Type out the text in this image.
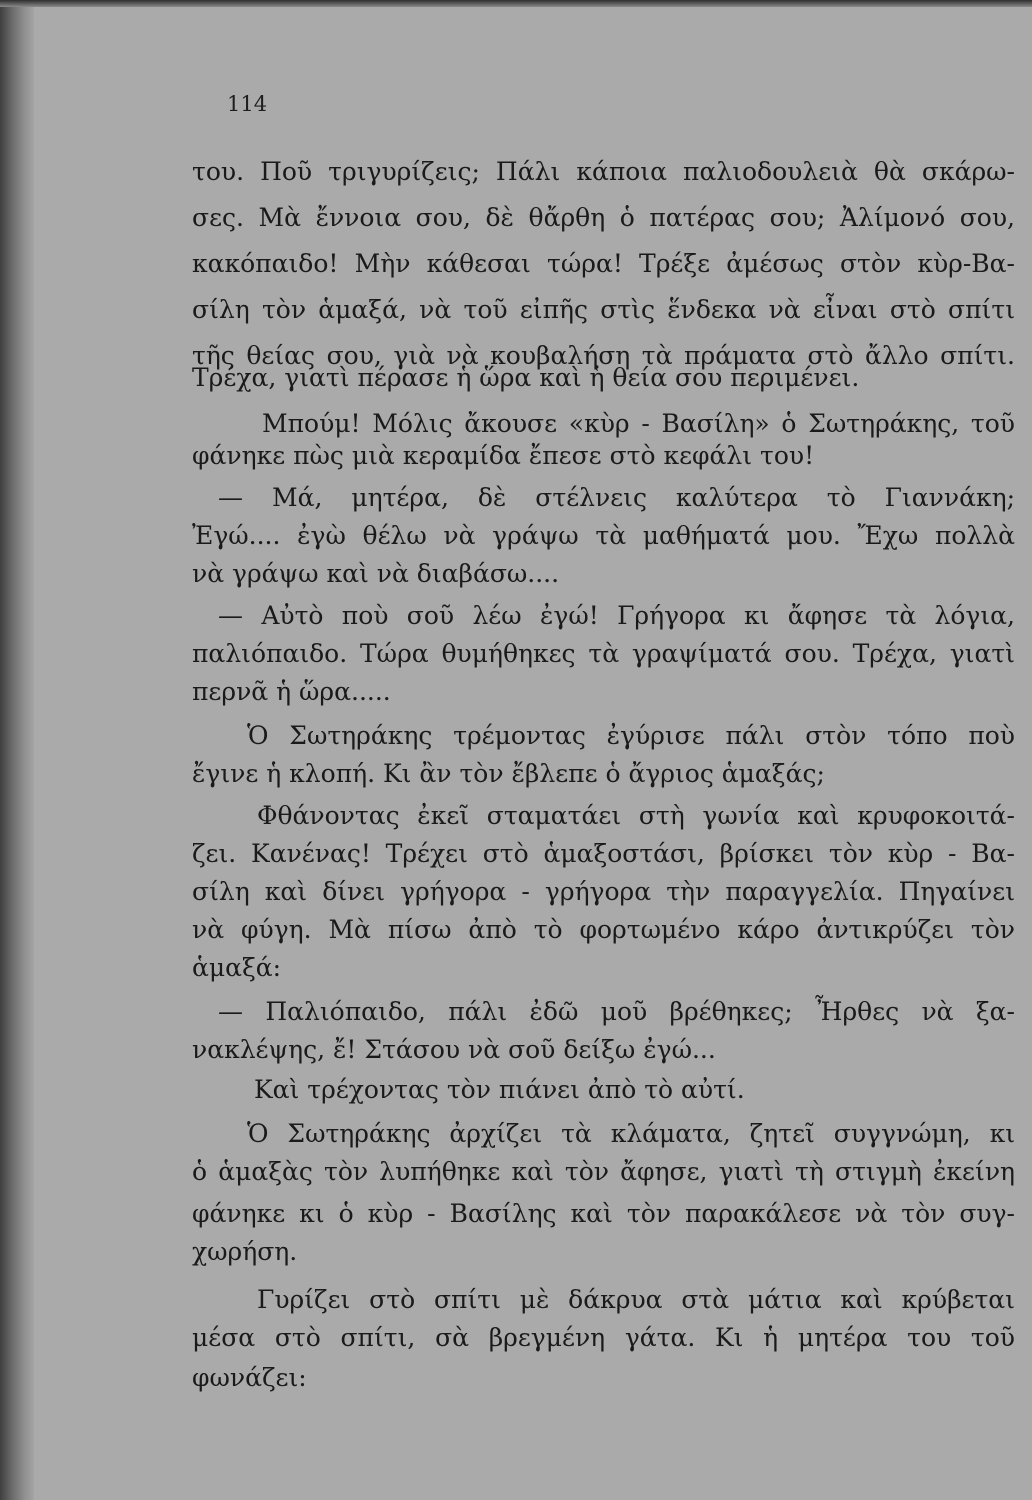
114
του. Ποῦ τριγυρίζεις; Πάλι κάποια παλιοδουλειὰ θὰ σκάρω-
σες. Μὰ ἔννοια σου, δὲ θἄρθη ὁ πατέρας σου; Ἀλίμονό σου,
κακόπαιδο! Μὴν κάθεσαι τώρα! Τρέξε ἀμέσως στὸν κὺρ-Βα-
σίλη τὸν ἁμαξά, νὰ τοῦ εἰπῆς στὶς ἕνδεκα νὰ εἶναι στὸ σπίτι
τῆς θείας σου, γιὰ νὰ κουβαλήση τὰ πράματα στὸ ἄλλο σπίτι.
Τρέχα, γιατὶ πέρασε ἡ ὥρα καὶ ἡ θεία σου περιμένει.
Μπούμ! Μόλις ἄκουσε «κὺρ - Βασίλη» ὁ Σωτηράκης, τοῦ
φάνηκε πὼς μιὰ κεραμίδα ἔπεσε στὸ κεφάλι του!
— Μά, μητέρα, δὲ στέλνεις καλύτερα τὸ Γιαννάκη;
Ἐγώ.... ἐγὼ θέλω νὰ γράψω τὰ μαθήματά μου. Ἔχω πολλὰ
νὰ γράψω καὶ νὰ διαβάσω....
— Αὐτὸ ποὺ σοῦ λέω ἐγώ! Γρήγορα κι ἄφησε τὰ λόγια,
παλιόπαιδο. Τώρα θυμήθηκες τὰ γραψίματά σου. Τρέχα, γιατὶ
περνᾶ ἡ ὥρα.....
Ὁ Σωτηράκης τρέμοντας ἐγύρισε πάλι στὸν τόπο ποὺ
ἔγινε ἡ κλοπή. Κι ἂν τὸν ἔβλεπε ὁ ἄγριος ἁμαξάς;
Φθάνοντας ἐκεῖ σταματάει στὴ γωνία καὶ κρυφοκοιτά-
ζει. Κανένας! Τρέχει στὸ ἁμαξοστάσι, βρίσκει τὸν κὺρ - Βα-
σίλη καὶ δίνει γρήγορα - γρήγορα τὴν παραγγελία. Πηγαίνει
νὰ φύγη. Μὰ πίσω ἀπὸ τὸ φορτωμένο κάρο ἀντικρύζει τὸν
ἁμαξά:
— Παλιόπαιδο, πάλι ἐδῶ μοῦ βρέθηκες; Ἦρθες νὰ ξα-
νακλέψης, ἔ! Στάσου νὰ σοῦ δείξω ἐγώ...
Καὶ τρέχοντας τὸν πιάνει ἀπὸ τὸ αὐτί.
Ὁ Σωτηράκης ἀρχίζει τὰ κλάματα, ζητεῖ συγγνώμη, κι
ὁ ἁμαξὰς τὸν λυπήθηκε καὶ τὸν ἄφησε, γιατὶ τὴ στιγμὴ ἐκείνη
φάνηκε κι ὁ κὺρ - Βασίλης καὶ τὸν παρακάλεσε νὰ τὸν συγ-
χωρήση.
Γυρίζει στὸ σπίτι μὲ δάκρυα στὰ μάτια καὶ κρύβεται
μέσα στὸ σπίτι, σὰ βρεγμένη γάτα. Κι ἡ μητέρα του τοῦ
φωνάζει:
